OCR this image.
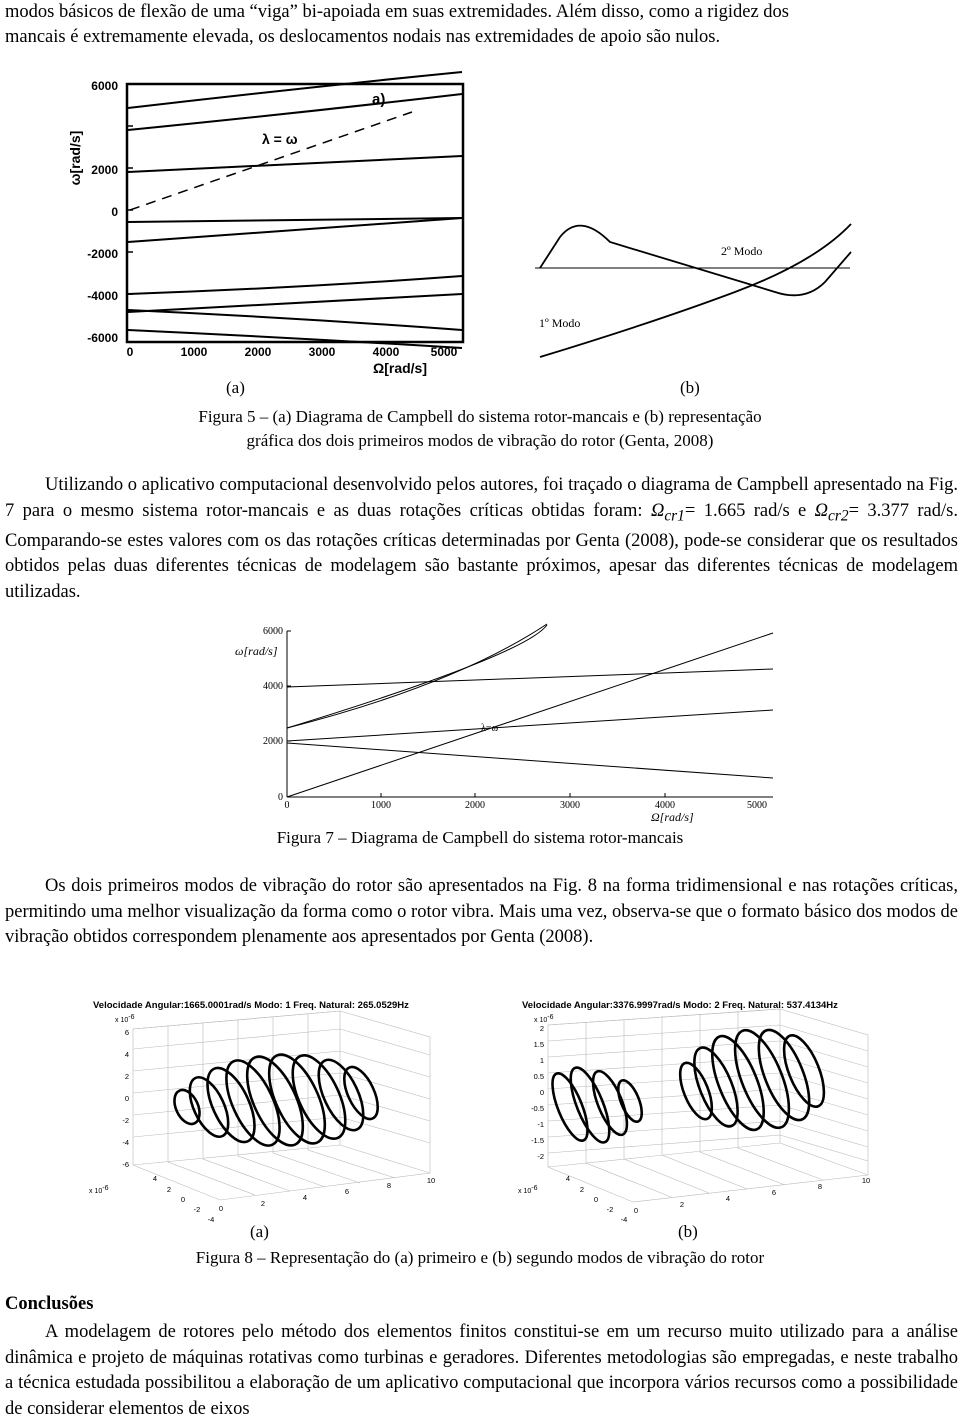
modos básicos de flexão de uma “viga” bi-apoiada em suas extremidades. Além disso, como a rigidez dos

mancais é extremamente elevada, os deslocamentos nodais nas extremidades de apoio são nulos.

6000
2000
0
-2000
-4000
-6000
0	1000	2000	3000	4000	5000
ω[rad/s]
Ω[rad/s]
a)
λ = ω
(a)
2º Modo
1º Modo
(b)

Figura 5 – (a) Diagrama de Campbell do sistema rotor-mancais e (b) representação

gráfica dos dois primeiros modos de vibração do rotor (Genta, 2008)

Utilizando o aplicativo computacional desenvolvido pelos autores, foi traçado o diagrama de Campbell apresentado na Fig. 7 para o mesmo sistema rotor-mancais e as duas rotações críticas obtidas foram: $\Omega_{cr1}= 1.665$ rad/s e $\Omega_{cr2}= 3.377$ rad/s. Comparando-se estes valores com os das rotações críticas determinadas por Genta (2008), pode-se considerar que os resultados obtidos pelas duas diferentes técnicas de modelagem são bastante próximos, apesar das diferentes técnicas de modelagem utilizadas.

6000
4000
2000
0
0	1000	2000	3000	4000	5000
ω[rad/s]
Ω[rad/s]
λ=ω

Figura 7 – Diagrama de Campbell do sistema rotor-mancais

Os dois primeiros modos de vibração do rotor são apresentados na Fig. 8 na forma tridimensional e nas rotações críticas, permitindo uma melhor visualização da forma como o rotor vibra. Mais uma vez, observa-se que o formato básico dos modos de vibração obtidos correspondem plenamente aos apresentados por Genta (2008).

Velocidade Angular:1665.0001rad/s Modo: 1 Freq. Natural: 265.0529Hz
x 10-6
6
4
2
0
-2
-4
-6
x 10-6
4
2
0
-2
-4
0
2
4
6
8
10
(a)
Velocidade Angular:3376.9997rad/s Modo: 2 Freq. Natural: 537.4134Hz
x 10-6
2
1.5
1
0.5
0
-0.5
-1
-1.5
-2
x 10-6
4
2
0
-2
-4
0
2
4
6
8
10
(b)

Figura 8 – Representação do (a) primeiro e (b) segundo modos de vibração do rotor

Conclusões

A modelagem de rotores pelo método dos elementos finitos constitui-se em um recurso muito utilizado para a análise dinâmica e projeto de máquinas rotativas como turbinas e geradores. Diferentes metodologias são empregadas, e neste trabalho a técnica estudada possibilitou a elaboração de um aplicativo computacional que incorpora vários recursos como a possibilidade de considerar elementos de eixos
